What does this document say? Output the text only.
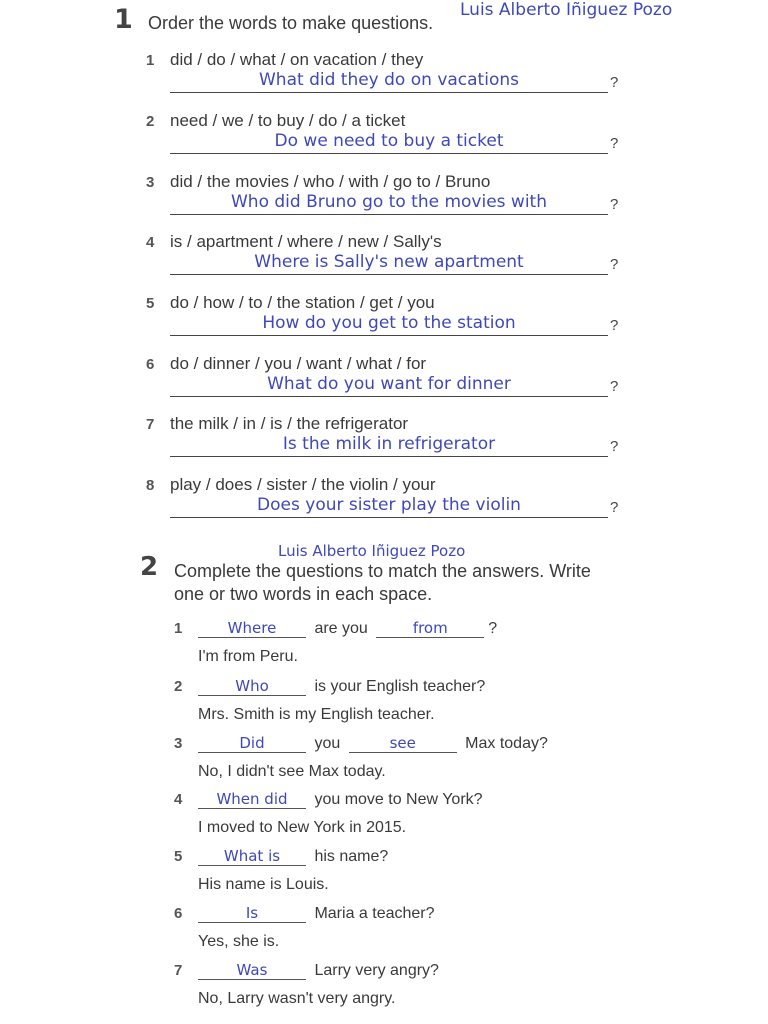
Luis Alberto Iñiguez Pozo
1 Order the words to make questions.
1 did / do / what / on vacation / they
What did they do on vacations	?
2 need / we / to buy / do / a ticket
Do we need to buy a ticket	?
3 did / the movies / who / with / go to / Bruno
Who did Bruno go to the movies with	?
4 is / apartment / where / new / Sally's
Where is Sally's new apartment	?
5 do / how / to / the station / get / you
How do you get to the station	?
6 do / dinner / you / want / what / for
What do you want for dinner	?
7 the milk / in / is / the refrigerator
Is the milk in refrigerator	?
8 play / does / sister / the violin / your
Does your sister play the violin	?
Luis Alberto Iñiguez Pozo
2 Complete the questions to match the answers. Write
one or two words in each space.
1	Where are you	from	?
I'm from Peru.
2	Who	is your English teacher?
Mrs. Smith is my English teacher.
3	Did	you	see	Max today?
No, I didn't see Max today.
4	When did you move to New York?
I moved to New York in 2015.
5	What is his name?
His name is Louis.
6	Is	Maria a teacher?
Yes, she is.
7	Was	Larry very angry?
No, Larry wasn't very angry.
